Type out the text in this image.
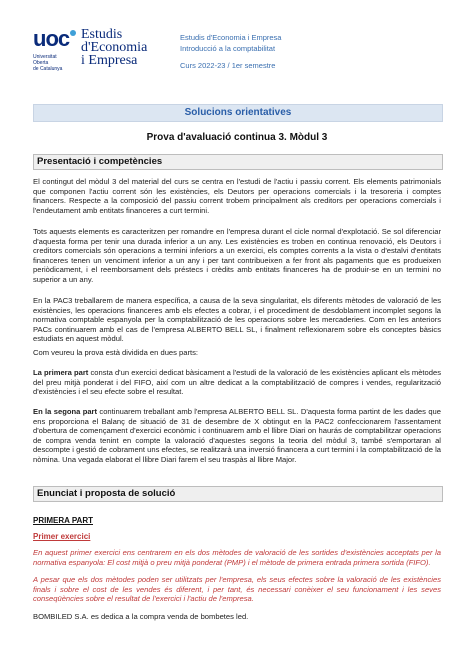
uoc Estudis
d'Economia
i Empresa
Universitat
Oberta
de Catalunya
Estudis d'Economia i Empresa
Introducció a la comptabilitat
Curs 2022-23 / 1er semestre
Solucions orientatives
Prova d'avaluació continua 3. Mòdul 3
Presentació i competències
El contingut del mòdul 3 del material del curs se centra en l'estudi de l'actiu i passiu corrent. Els elements patrimonials que componen l'actiu corrent són les existències, els Deutors per operacions comercials i la tresoreria i comptes financers. Respecte a la composició del passiu corrent trobem principalment als creditors per operacions comercials i l'endeutament amb entitats financeres a curt termini.
Tots aquests elements es caracteritzen per romandre en l'empresa durant el cicle normal d'explotació. Se sol diferenciar d'aquesta forma per tenir una durada inferior a un any. Les existències es troben en continua renovació, els Deutors i creditors comercials són operacions a termini inferiors a un exercici, els comptes corrents a la vista o d'estalvi d'entitats financeres tenen un venciment inferior a un any i per tant contribueixen a fer front als pagaments que es produeixen periòdicament, i el reemborsament dels préstecs i crèdits amb entitats financeres ha de produir-se en un termini no superior a un any.
En la PAC3 treballarem de manera específica, a causa de la seva singularitat, els diferents mètodes de valoració de les existències, les operacions financeres amb els efectes a cobrar, i el procediment de desdoblament incomplet segons la normativa comptable espanyola per la comptabilització de les operacions sobre les mercaderies. Com en les anteriors PACs continuarem amb el cas de l'empresa ALBERTO BELL SL, i finalment reflexionarem sobre els conceptes bàsics estudiats en aquest mòdul.
Com veureu la prova està dividida en dues parts:
La primera part consta d'un exercici dedicat bàsicament a l'estudi de la valoració de les existències aplicant els mètodes del preu mitjà ponderat i del FIFO, així com un altre dedicat a la comptabilització de compres i vendes, regularització d'existències i el seu efecte sobre el resultat.
En la segona part continuarem treballant amb l'empresa ALBERTO BELL SL. D'aquesta forma partint de les dades que ens proporciona el Balanç de situació de 31 de desembre de X obtingut en la PAC2 confeccionarem l'assentament d'obertura de començament d'exercici econòmic i continuarem amb el llibre Diari on haurás de comptabilitzar operacions de compra venda tenint en compte la valoració d'aquestes segons la teoria del mòdul 3, també s'emportaran al descompte i gestió de cobrament uns efectes, se realitzarà una inversió financera a curt termini i la comptabilització de la nòmina. Una vegada elaborat el llibre Diari farem el seu traspàs al llibre Major.
Enunciat i proposta de solució
PRIMERA PART
Primer exercici
En aquest primer exercici ens centrarem en els dos mètodes de valoració de les sortides d'existències acceptats per la normativa espanyola: El cost mitjà o preu mitjà ponderat (PMP) i el mètode de primera entrada primera sortida (FIFO).
A pesar que els dos mètodes poden ser utilitzats per l'empresa, els seus efectes sobre la valoració de les existències finals i sobre el cost de les vendes és diferent, i per tant, és necessari conèixer el seu funcionament i les seves conseqüències sobre el resultat de l'exercici i l'actiu de l'empresa.
BOMBILED S.A. es dedica a la compra venda de bombetes led.
